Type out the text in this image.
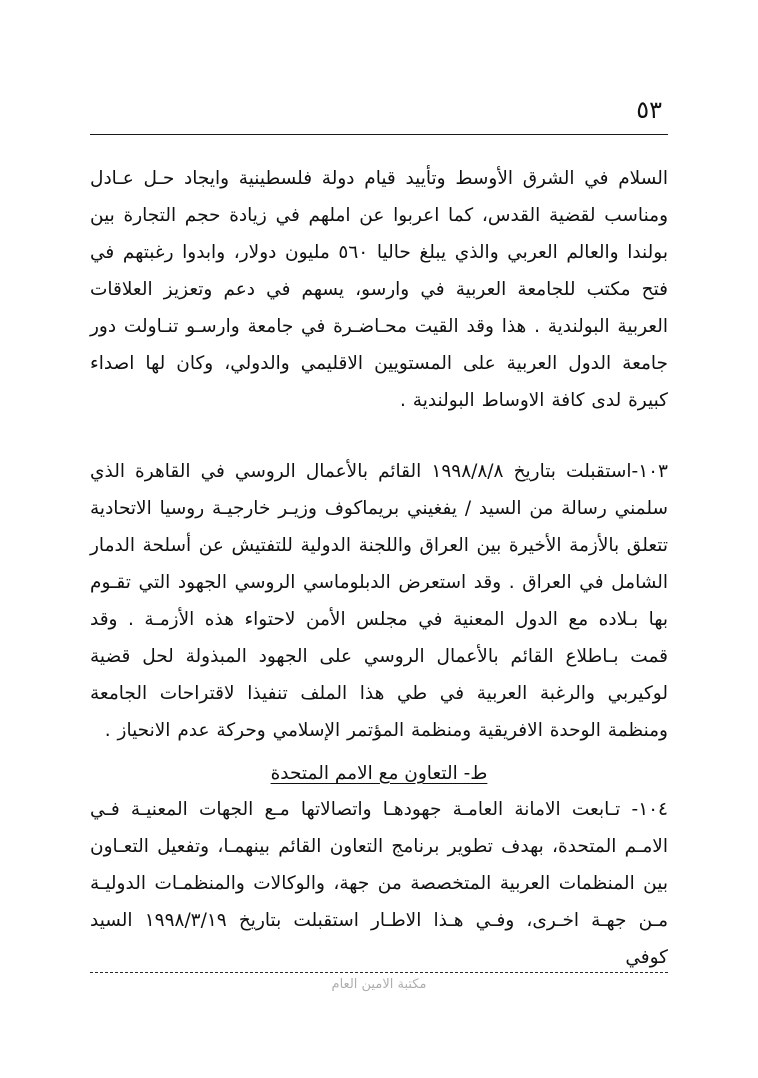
٥٣

السلام في الشرق الأوسط وتأييد قيام دولة فلسطينية وايجاد حـل عـادل ومناسب لقضية القدس، كما اعربوا عن املهم في زيادة حجم التجارة بين بولندا والعالم العربي والذي يبلغ حاليا ٥٦٠ مليون دولار، وابدوا رغبتهم في فتح مكتب للجامعة العربية في وارسو، يسهم في دعم وتعزيز العلاقات العربية البولندية . هذا وقد القيت محـاضـرة في جامعة وارسـو تنـاولت دور جامعة الدول العربية على المستويين الاقليمي والدولي، وكان لها اصداء كبيرة لدى كافة الاوساط البولندية .

١٠٣-استقبلت بتاريخ ١٩٩٨/٨/٨ القائم بالأعمال الروسي في القاهرة الذي سلمني رسالة من السيد / يفغيني بريماكوف وزيـر خارجيـة روسيا الاتحادية تتعلق بالأزمة الأخيرة بين العراق واللجنة الدولية للتفتيش عن أسلحة الدمار الشامل في العراق . وقد استعرض الدبلوماسي الروسي الجهود التي تقـوم بها بـلاده مع الدول المعنية في مجلس الأمن لاحتواء هذه الأزمـة . وقد قمت بـاطلاع القائم بالأعمال الروسي على الجهود المبذولة لحل قضية لوكيربي والرغبة العربية في طي هذا الملف تنفيذا لاقتراحات الجامعة ومنظمة الوحدة الافريقية ومنظمة المؤتمر الإسلامي وحركة عدم الانحياز .

ط- التعاون مع الامم المتحدة

١٠٤- تـابعت الامانة العامـة جهودهـا واتصالاتها مـع الجهات المعنيـة فـي الامـم المتحدة، بهدف تطوير برنامج التعاون القائم بينهمـا، وتفعيل التعـاون بين المنظمات العربية المتخصصة من جهة، والوكالات والمنظمـات الدوليـة مـن جهـة اخـرى، وفـي هـذا الاطـار استقبلت بتاريخ ١٩٩٨/٣/١٩ السيد كوفي

مكتبة الامين العام
